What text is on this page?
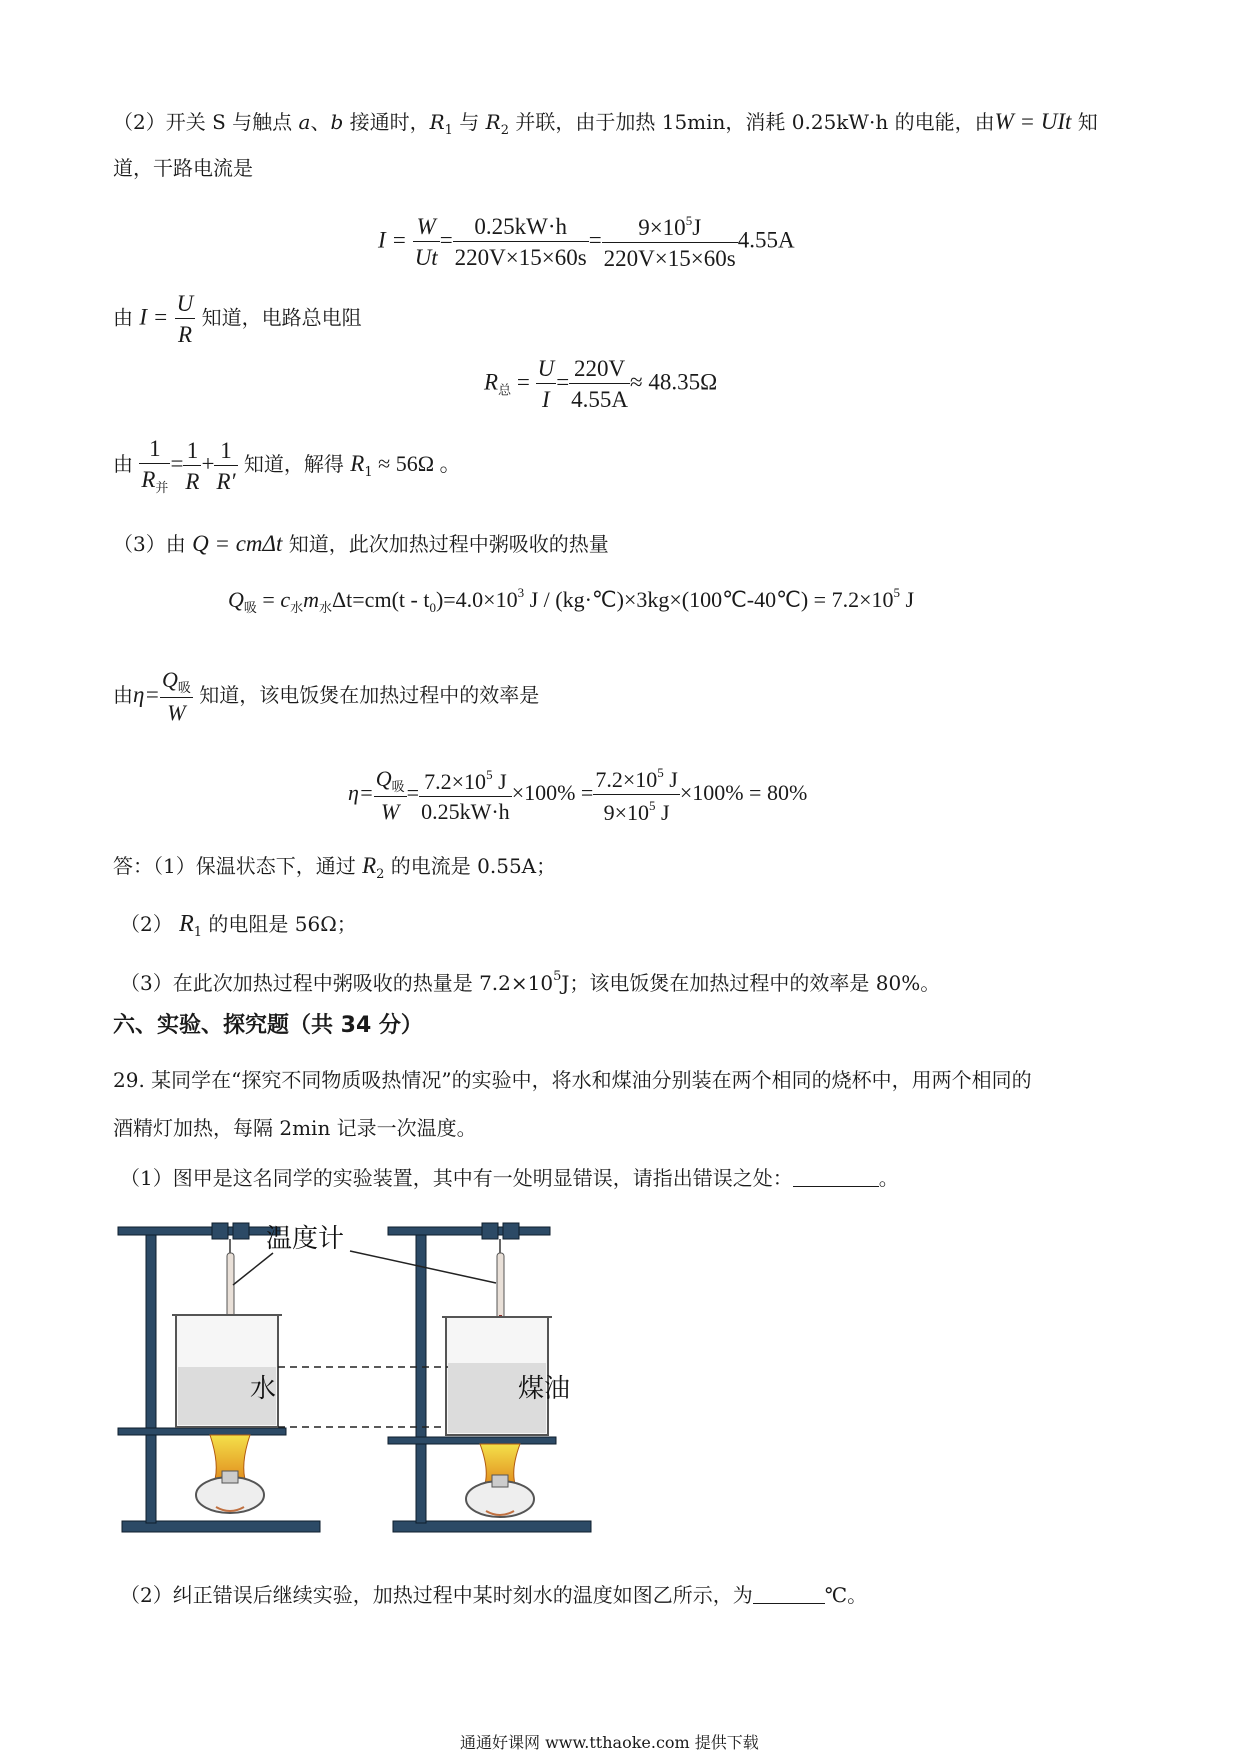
（2）开关 S 与触点 a、b 接通时，$R_1$ 与 $R_2$ 并联，由于加热 15min，消耗 0.25kW·h 的电能，由W = UIt 知
道，干路电流是
$I = \frac{W}{Ut} = \frac{0.25kW\cdot h}{220V\times 15\times 60s} = \frac{9\times 10^5J}{220V\times 15\times 60s} 4.55A$
由 $I = \frac{U}{R}$ 知道，电路总电阻
$R_总 = \frac{U}{I} = \frac{220V}{4.55A} \approx 48.35\Omega$
由 $\frac{1}{R_并} = \frac{1}{R} + \frac{1}{R'}$ 知道，解得 $R_1 \approx 56\Omega$ 。
（3）由 Q = cmΔt 知道，此次加热过程中粥吸收的热量
$Q_吸 = c_水m_水\Delta t=cm(t - t_0)=4.0\times 10^3$ J / (kg·℃)×3kg×(100℃-40℃) = $7.2\times 10^5$ J
由$\eta= \frac{Q_吸}{W}$ 知道，该电饭煲在加热过程中的效率是
$\eta= \frac{Q_吸}{W} = \frac{7.2\times 10^5 J}{0.25kW\cdot h} \times 100\% = \frac{7.2\times 10^5 J}{9\times 10^5 J} \times 100\% = 80\%$
答：（1）保温状态下，通过 $R_2$ 的电流是 0.55A；
（2） $R_1$ 的电阻是 56Ω；
（3）在此次加热过程中粥吸收的热量是 $7.2\times 10^5J$；该电饭煲在加热过程中的效率是 80%。
六、实验、探究题（共 34 分）
29. 某同学在“探究不同物质吸热情况”的实验中，将水和煤油分别装在两个相同的烧杯中，用两个相同的
酒精灯加热，每隔 2min 记录一次温度。
（1）图甲是这名同学的实验装置，其中有一处明显错误，请指出错误之处：	。
温度计
水	煤油
（2）纠正错误后继续实验，加热过程中某时刻水的温度如图乙所示，为	℃。
通通好课网 www.tthaoke.com 提供下载
